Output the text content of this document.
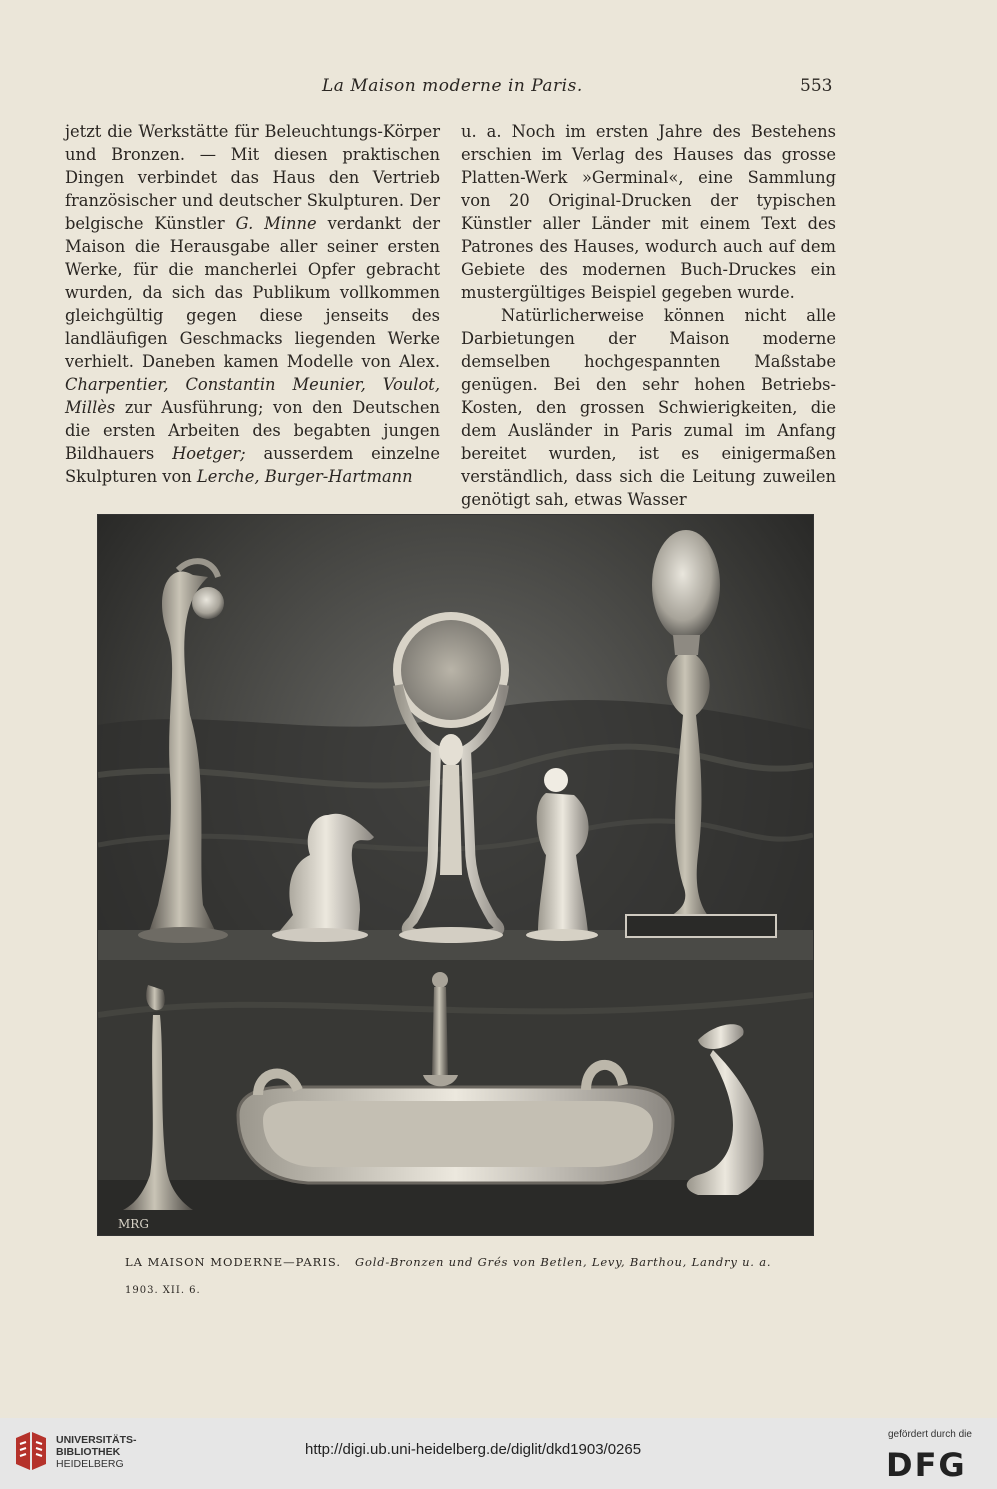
La Maison moderne in Paris.	553

jetzt die Werkstätte für Beleuchtungs-Körper und Bronzen. — Mit diesen praktischen Dingen verbindet das Haus den Vertrieb französischer und deutscher Skulpturen. Der belgische Künstler G. Minne verdankt der Maison die Herausgabe aller seiner ersten Werke, für die mancherlei Opfer gebracht wurden, da sich das Publikum vollkommen gleichgültig gegen diese jenseits des landläufigen Geschmacks liegenden Werke verhielt. Daneben kamen Modelle von Alex. Charpentier, Constantin Meunier, Voulot, Millès zur Ausführung; von den Deutschen die ersten Arbeiten des begabten jungen Bildhauers Hoetger; ausserdem einzelne Skulpturen von Lerche, Burger-Hartmann

u. a. Noch im ersten Jahre des Bestehens erschien im Verlag des Hauses das grosse Platten-Werk »Germinal«, eine Sammlung von 20 Original-Drucken der typischen Künstler aller Länder mit einem Text des Patrones des Hauses, wodurch auch auf dem Gebiete des modernen Buch-Druckes ein mustergültiges Beispiel gegeben wurde.

Natürlicherweise können nicht alle Darbietungen der Maison moderne demselben hochgespannten Maßstabe genügen. Bei den sehr hohen Betriebs-Kosten, den grossen Schwierigkeiten, die dem Ausländer in Paris zumal im Anfang bereitet wurden, ist es einigermaßen verständlich, dass sich die Leitung zuweilen genötigt sah, etwas Wasser

MRG
LA MAISON MODERNE—PARIS. Gold-Bronzen und Grés von Betlen, Levy, Barthou, Landry u. a.
1903. XII. 6.
UNIVERSITÄTS-
BIBLIOTHEK
HEIDELBERG
http://digi.ub.uni-heidelberg.de/diglit/dkd1903/0265
gefördert durch die
DFG
